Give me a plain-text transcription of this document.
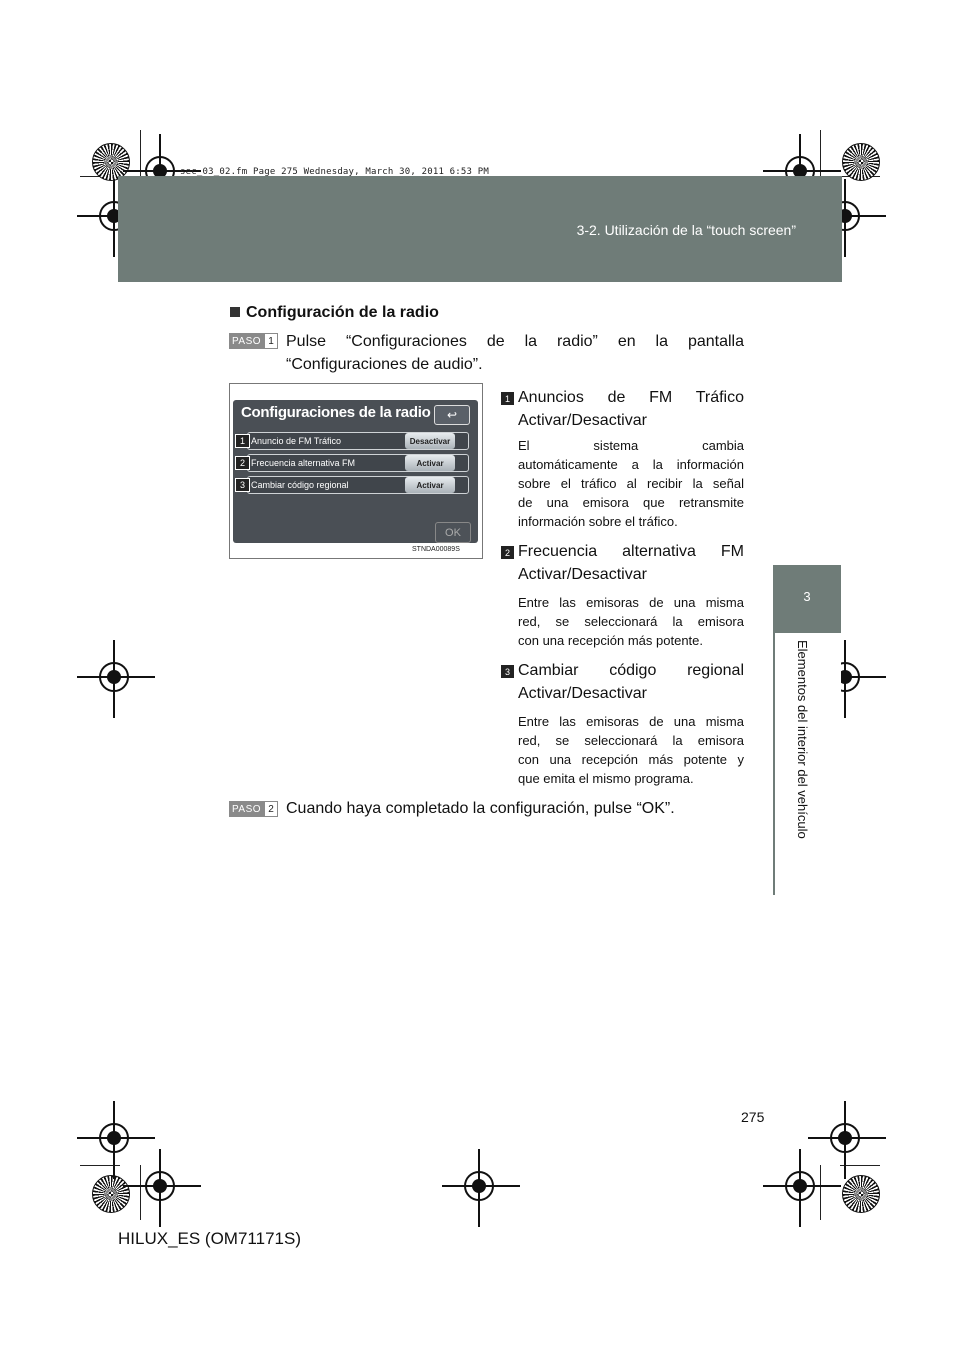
sec_03_02.fm Page 275 Wednesday, March 30, 2011 6:53 PM
3-2. Utilización de la “touch screen”
3
Elementos del interior del vehículo
Configuración de la radio
PASO 1 Pulse “Configuraciones de la radio” en la pantalla
“Configuraciones de audio”.
Configuraciones de la radio ↩
Anuncio de FM Tráfico	Desactivar
1
Frecuencia alternativa FM	Activar
2
Cambiar código regional	Activar
3
OK
STNDA00089S
1 Anuncios de FM Tráfico
Activar/Desactivar
El sistema cambia
automáticamente a la información
sobre el tráfico al recibir la señal
de una emisora que retransmite
información sobre el tráfico.
2 Frecuencia alternativa FM
Activar/Desactivar
Entre las emisoras de una misma
red, se seleccionará la emisora
con una recepción más potente.
3 Cambiar código regional
Activar/Desactivar
Entre las emisoras de una misma
red, se seleccionará la emisora
con una recepción más potente y
que emita el mismo programa.
PASO 2 Cuando haya completado la configuración, pulse “OK”.
275
HILUX_ES (OM71171S)
